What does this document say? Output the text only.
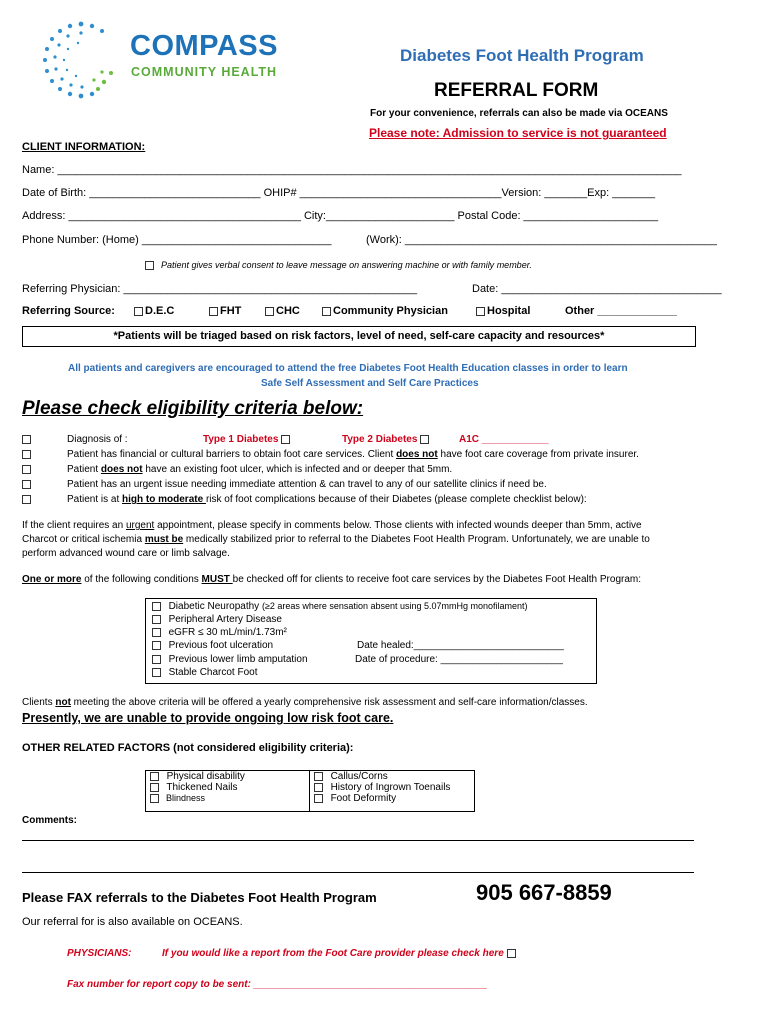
COMPASS
COMMUNITY HEALTH
Diabetes Foot Health Program
REFERRAL FORM
For your convenience, referrals can also be made via OCEANS
Please note: Admission to service is not guaranteed
CLIENT INFORMATION:
Name: ______________________________________________________________________________________________________
Date of Birth: ____________________________ OHIP# _________________________________Version: _______Exp: _______
Address: ______________________________________ City:_____________________ Postal Code: ______________________
Phone Number: (Home) _______________________________	(Work): ___________________________________________________
Patient gives verbal consent to leave message on answering machine or with family member.
Referring Physician: ________________________________________________	Date: ____________________________________
Referring Source:	D.E.C	FHT	CHC	Community Physician	Hospital	Other _____________
*Patients will be triaged based on risk factors, level of need, self-care capacity and resources*
All patients and caregivers are encouraged to attend the free Diabetes Foot Health Education classes in order to learn
Safe Self Assessment and Self Care Practices
Please check eligibility criteria below:
Diagnosis of :	Type 1 Diabetes	Type 2 Diabetes	A1C ____________
Patient has financial or cultural barriers to obtain foot care services. Client does not have foot care coverage from private insurer.
Patient does not have an existing foot ulcer, which is infected and or deeper that 5mm.
Patient has an urgent issue needing immediate attention & can travel to any of our satellite clinics if need be.
Patient is at high to moderate risk of foot complications because of their Diabetes (please complete checklist below):
If the client requires an urgent appointment, please specify in comments below. Those clients with infected wounds deeper than 5mm, active
Charcot or critical ischemia must be medically stabilized prior to referral to the Diabetes Foot Health Program. Unfortunately, we are unable to
perform advanced wound care or limb salvage.
One or more of the following conditions MUST be checked off for clients to receive foot care services by the Diabetes Foot Health Program:
Diabetic Neuropathy (≥2 areas where sensation absent using 5.07mmHg monofilament)
Peripheral Artery Disease
eGFR ≤ 30 mL/min/1.73m²
Previous foot ulceration	Date healed:___________________________
Previous lower limb amputation	Date of procedure: ______________________
Stable Charcot Foot
Clients not meeting the above criteria will be offered a yearly comprehensive risk assessment and self-care information/classes.
Presently, we are unable to provide ongoing low risk foot care.
OTHER RELATED FACTORS (not considered eligibility criteria):
Physical disability
Thickened Nails
Blindness

Callus/Corns
History of Ingrown Toenails
Foot Deformity
Comments:
Please FAX referrals to the Diabetes Foot Health Program	905 667-8859
Our referral for is also available on OCEANS.
PHYSICIANS:	If you would like a report from the Foot Care provider please check here
Fax number for report copy to be sent: __________________________________________
